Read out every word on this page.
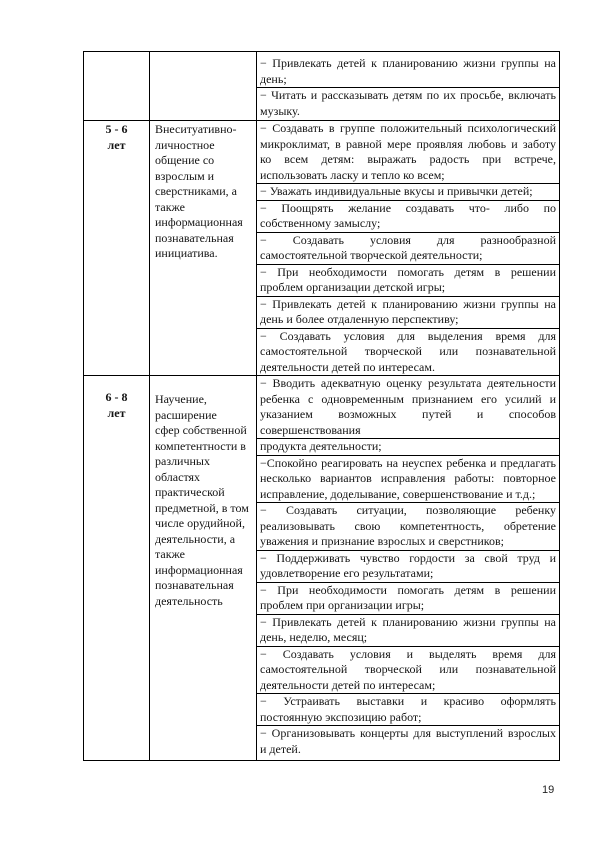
− Привлекать детей к планированию жизни группы на
день;
− Читать и рассказывать детям по их просьбе, включать
музыку.
5 - 6
лет
Внеситуативно-
личностное
общение со
взрослым и
сверстниками, а
также
информационная
познавательная
инициатива.
− Создавать в группе положительный психологический
микроклимат, в равной мере проявляя любовь и заботу
ко всем детям: выражать радость при встрече,
использовать ласку и тепло ко всем;
− Уважать индивидуальные вкусы и привычки детей;
− Поощрять желание создавать что- либо по
собственному замыслу;
− Создавать условия для разнообразной
самостоятельной творческой деятельности;
− При необходимости помогать детям в решении
проблем организации детской игры;
− Привлекать детей к планированию жизни группы на
день и более отдаленную перспективу;
− Создавать условия для выделения время для
самостоятельной творческой или познавательной
деятельности детей по интересам.
6 - 8
лет
Научение,
расширение
сфер собственной
компетентности в
различных
областях
практической
предметной, в том
числе орудийной,
деятельности, а
также
информационная
познавательная
деятельность
− Вводить адекватную оценку результата деятельности
ребенка с одновременным признанием его усилий и
указанием возможных путей и способов
совершенствования
продукта деятельности;
−Спокойно реагировать на неуспех ребенка и предлагать
несколько вариантов исправления работы: повторное
исправление, доделывание, совершенствование и т.д.;
− Создавать ситуации, позволяющие ребенку
реализовывать свою компетентность, обретение
уважения и признание взрослых и сверстников;
− Поддерживать чувство гордости за свой труд и
удовлетворение его результатами;
− При необходимости помогать детям в решении
проблем при организации игры;
− Привлекать детей к планированию жизни группы на
день, неделю, месяц;
− Создавать условия и выделять время для
самостоятельной творческой или познавательной
деятельности детей по интересам;
− Устраивать выставки и красиво оформлять
постоянную экспозицию работ;
− Организовывать концерты для выступлений взрослых
и детей.
19
